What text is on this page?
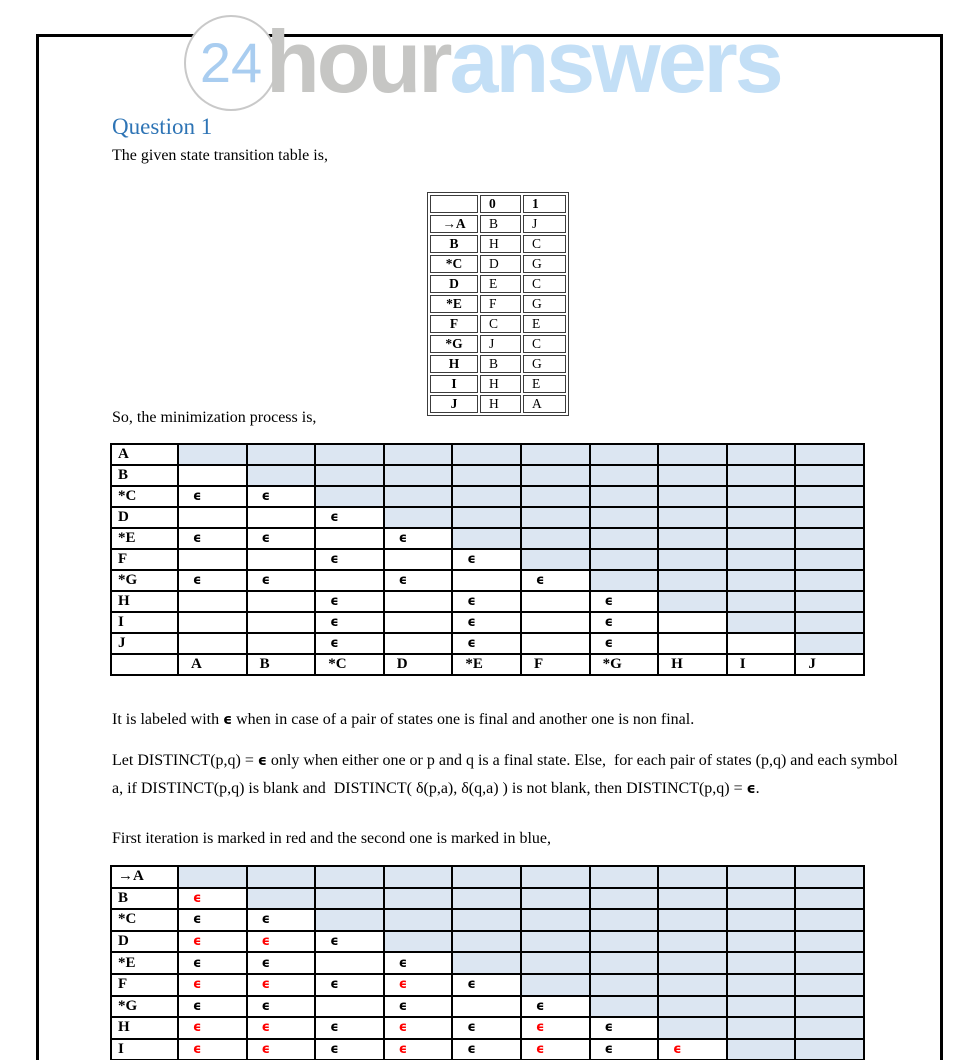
24 houranswers
Question 1
The given state transition table is,
	0	1
→A	B	J
B	H	C
*C	D	G
D	E	C
*E	F	G
F	C	E
*G	J	C
H	B	G
I	H	E
J	H	A
So, the minimization process is,
A										
B										
*C	ϵ	ϵ								
D			ϵ							
*E	ϵ	ϵ		ϵ						
F			ϵ		ϵ					
*G	ϵ	ϵ		ϵ		ϵ				
H			ϵ		ϵ		ϵ			
I			ϵ		ϵ		ϵ			
J			ϵ		ϵ		ϵ			
	A	B	*C	D	*E	F	*G	H	I	J
It is labeled with ϵ when in case of a pair of states one is final and another one is non final.
Let DISTINCT(p,q) = ϵ only when either one or p and q is a final state. Else,  for each pair of states (p,q) and each symbol a, if DISTINCT(p,q) is blank and  DISTINCT( δ(p,a), δ(q,a) ) is not blank, then DISTINCT(p,q) = ϵ.
First iteration is marked in red and the second one is marked in blue,
→A										
B	ϵ									
*C	ϵ	ϵ								
D	ϵ	ϵ	ϵ							
*E	ϵ	ϵ		ϵ						
F	ϵ	ϵ	ϵ	ϵ	ϵ					
*G	ϵ	ϵ		ϵ		ϵ				
H	ϵ	ϵ	ϵ	ϵ	ϵ	ϵ	ϵ			
I	ϵ	ϵ	ϵ	ϵ	ϵ	ϵ	ϵ	ϵ		
